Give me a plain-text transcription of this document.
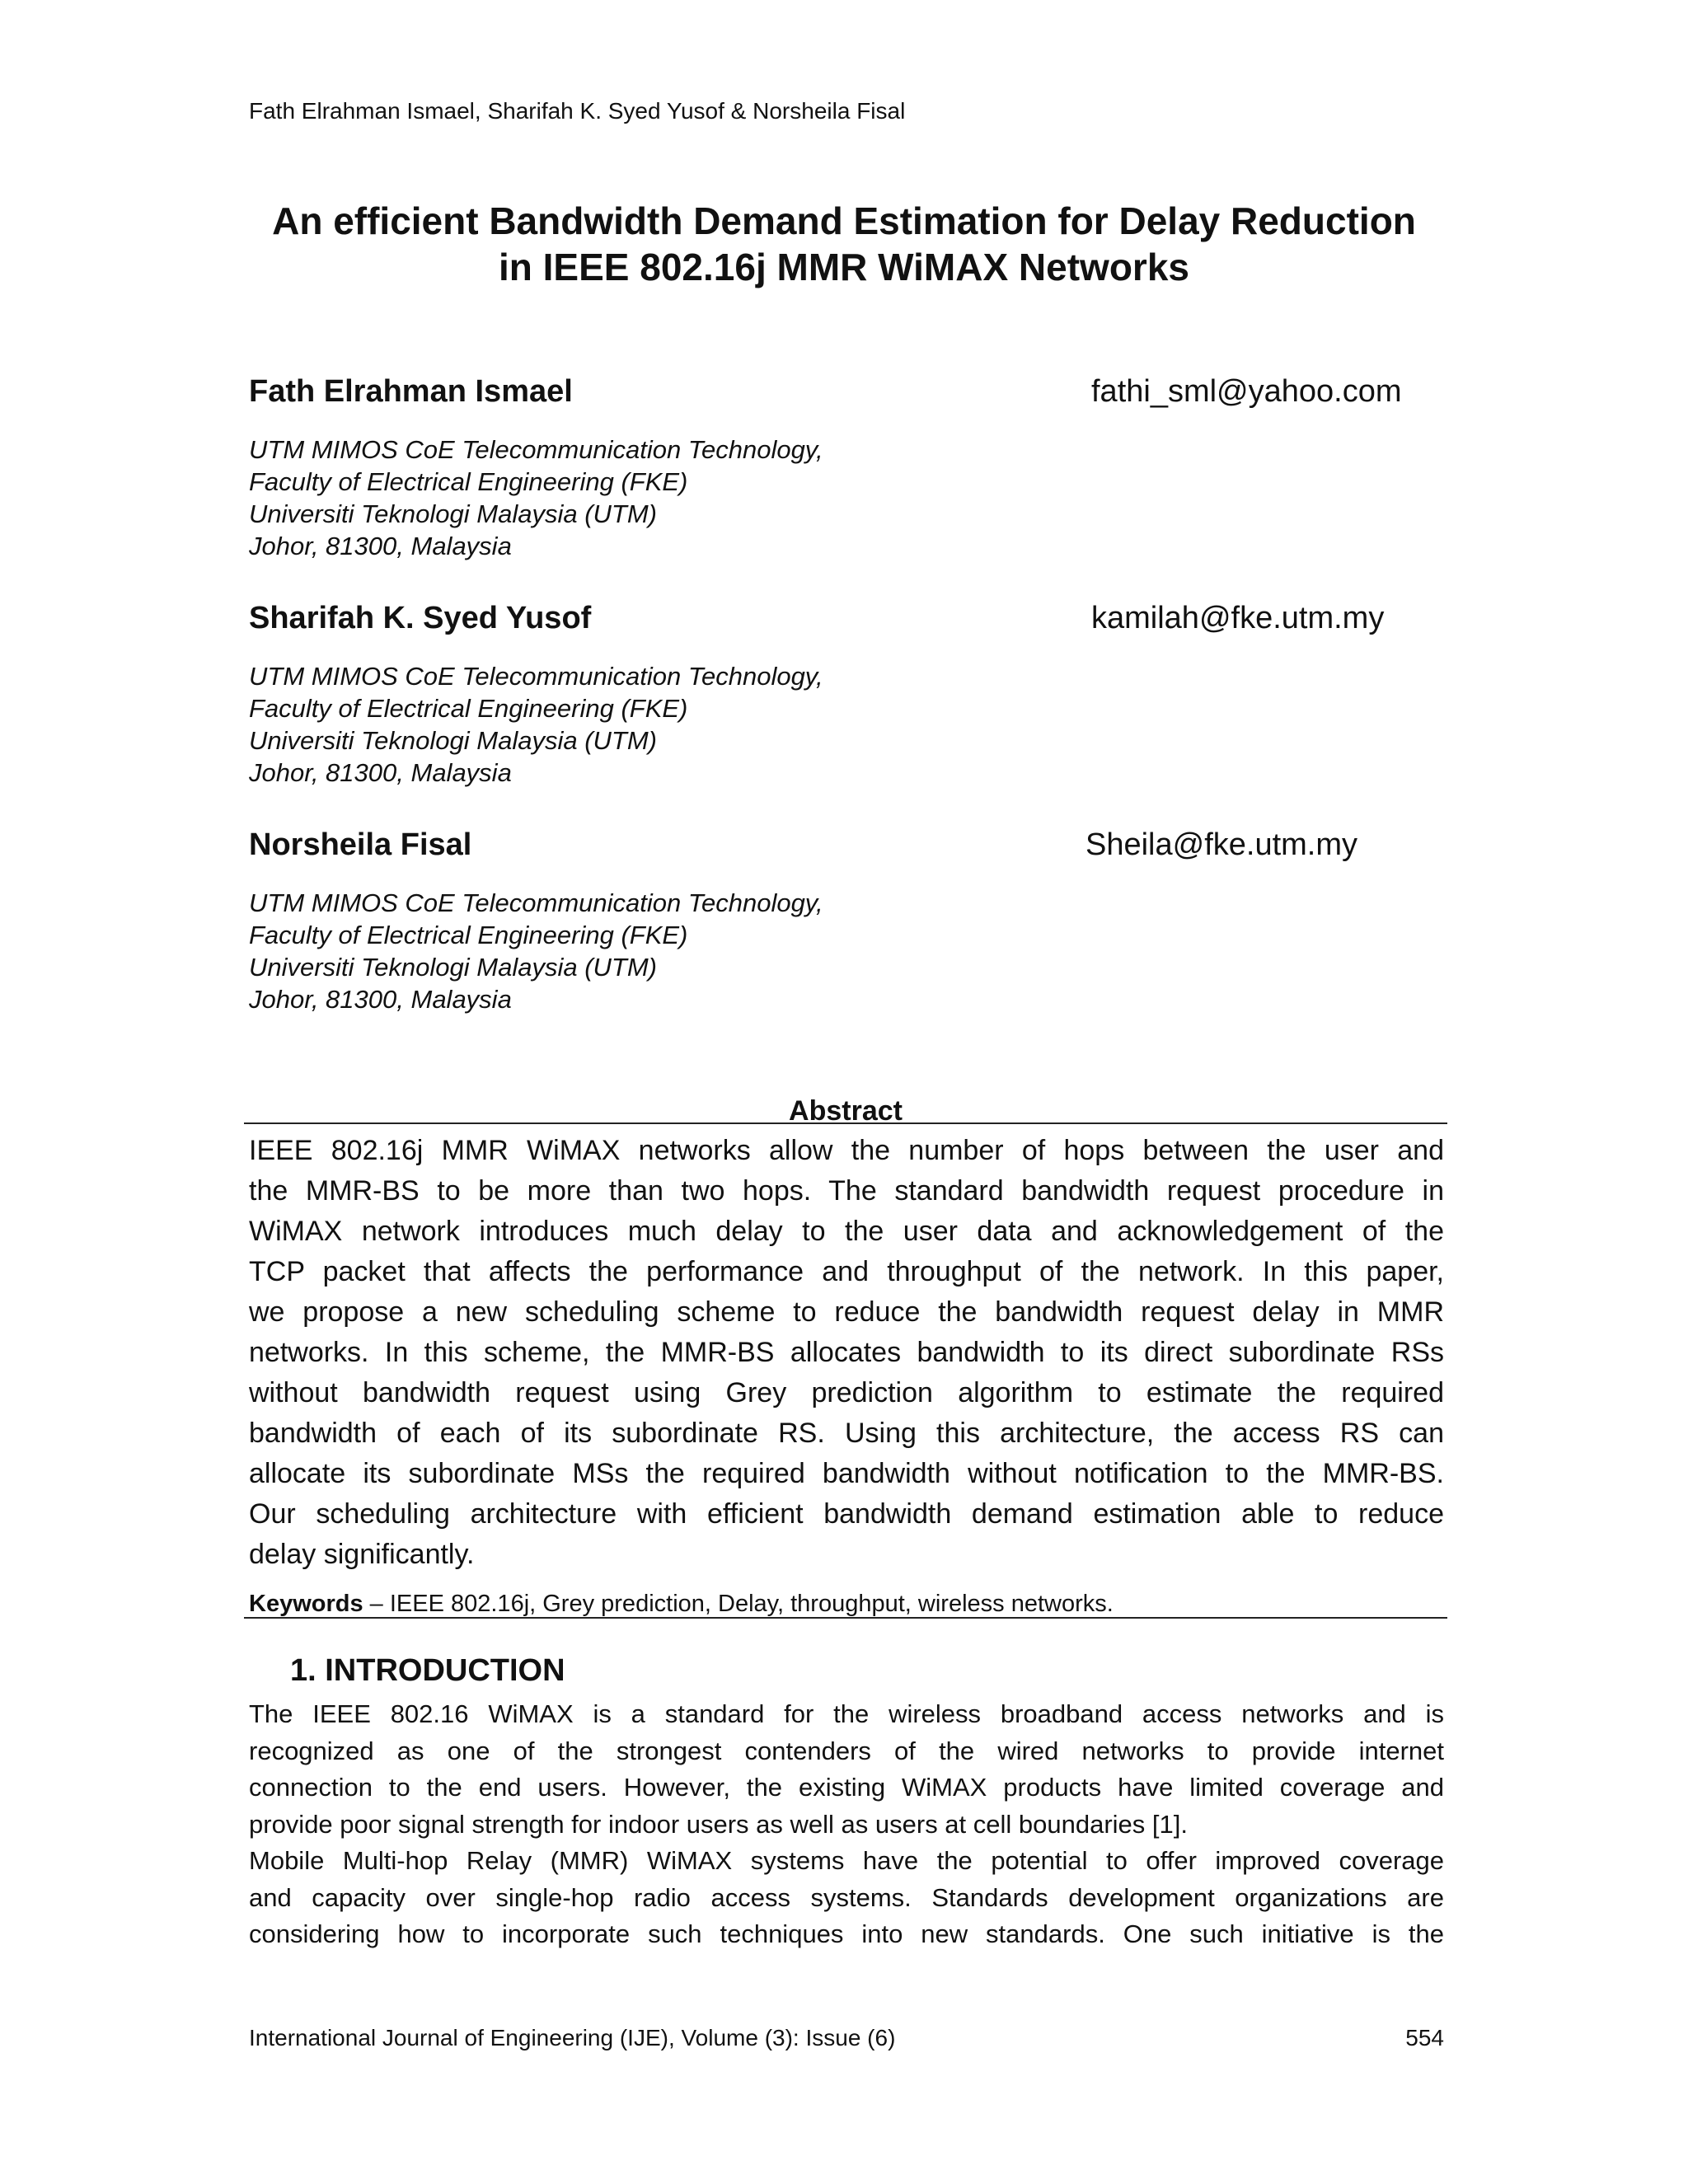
Fath Elrahman Ismael, Sharifah K. Syed Yusof & Norsheila Fisal
An efficient Bandwidth Demand Estimation for Delay Reduction
in IEEE 802.16j MMR WiMAX Networks
Fath Elrahman Ismael	fathi_sml@yahoo.com
UTM MIMOS CoE Telecommunication Technology,
Faculty of Electrical Engineering (FKE)
Universiti Teknologi Malaysia (UTM)
Johor, 81300, Malaysia
Sharifah K. Syed Yusof	kamilah@fke.utm.my
UTM MIMOS CoE Telecommunication Technology,
Faculty of Electrical Engineering (FKE)
Universiti Teknologi Malaysia (UTM)
Johor, 81300, Malaysia
Norsheila Fisal	Sheila@fke.utm.my
UTM MIMOS CoE Telecommunication Technology,
Faculty of Electrical Engineering (FKE)
Universiti Teknologi Malaysia (UTM)
Johor, 81300, Malaysia
Abstract
IEEE 802.16j MMR WiMAX networks allow the number of hops between the user and
the MMR-BS to be more than two hops. The standard bandwidth request procedure in
WiMAX network introduces much delay to the user data and acknowledgement of the
TCP packet that affects the performance and throughput of the network. In this paper,
we propose a new scheduling scheme to reduce the bandwidth request delay in MMR
networks. In this scheme, the MMR-BS allocates bandwidth to its direct subordinate RSs
without bandwidth request using Grey prediction algorithm to estimate the required
bandwidth of each of its subordinate RS. Using this architecture, the access RS can
allocate its subordinate MSs the required bandwidth without notification to the MMR-BS.
Our scheduling architecture with efficient bandwidth demand estimation able to reduce
delay significantly.
Keywords – IEEE 802.16j, Grey prediction, Delay, throughput, wireless networks.
1. INTRODUCTION
The IEEE 802.16 WiMAX is a standard for the wireless broadband access networks and is
recognized as one of the strongest contenders of the wired networks to provide internet
connection to the end users. However, the existing WiMAX products have limited coverage and
provide poor signal strength for indoor users as well as users at cell boundaries [1].
Mobile Multi-hop Relay (MMR) WiMAX systems have the potential to offer improved coverage
and capacity over single-hop radio access systems. Standards development organizations are
considering how to incorporate such techniques into new standards. One such initiative is the
International Journal of Engineering (IJE), Volume (3): Issue (6)	554
